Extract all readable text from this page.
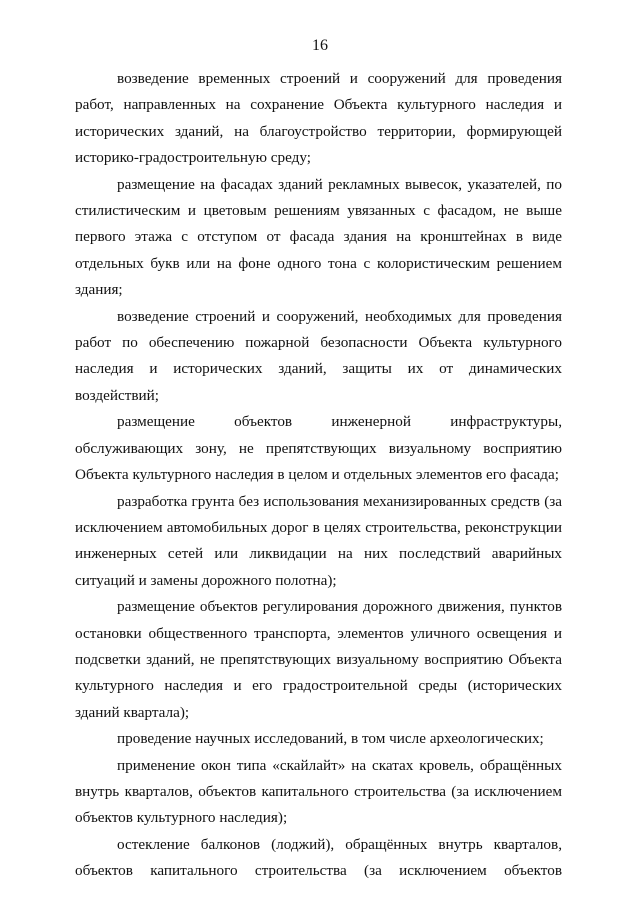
16

возведение временных строений и сооружений для проведения работ, направленных на сохранение Объекта культурного наследия и исторических зданий, на благоустройство территории, формирующей историко-градостроительную среду;

размещение на фасадах зданий рекламных вывесок, указателей, по стилистическим и цветовым решениям увязанных с фасадом, не выше первого этажа с отступом от фасада здания на кронштейнах в виде отдельных букв или на фоне одного тона с колористическим решением здания;

возведение строений и сооружений, необходимых для проведения работ по обеспечению пожарной безопасности Объекта культурного наследия и исторических зданий, защиты их от динамических воздействий;

размещение объектов инженерной инфраструктуры, обслуживающих зону, не препятствующих визуальному восприятию Объекта культурного наследия в целом и отдельных элементов его фасада;

разработка грунта без использования механизированных средств (за исключением автомобильных дорог в целях строительства, реконструкции инженерных сетей или ликвидации на них последствий аварийных ситуаций и замены дорожного полотна);

размещение объектов регулирования дорожного движения, пунктов остановки общественного транспорта, элементов уличного освещения и подсветки зданий, не препятствующих визуальному восприятию Объекта культурного наследия и его градостроительной среды (исторических зданий квартала);

проведение научных исследований, в том числе археологических;

применение окон типа «скайлайт» на скатах кровель, обращённых внутрь кварталов, объектов капитального строительства (за исключением объектов культурного наследия);

остекление балконов (лоджий), обращённых внутрь кварталов, объектов капитального строительства (за исключением объектов
